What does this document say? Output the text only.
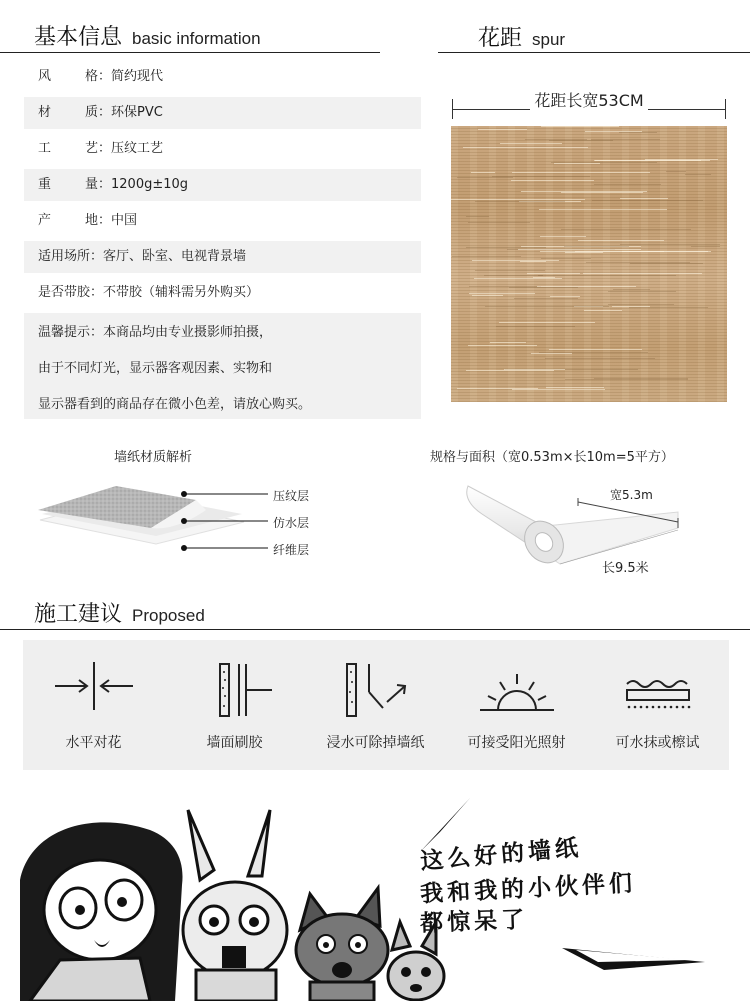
基本信息 basic information	花距 spur
风	格 ：简约现代
材	质 ：环保PVC
工	艺 ：压纹工艺
重	量 ：1200g±10g
产	地 ：中国
适用场所：客厅、卧室、电视背景墙
是否带胶：不带胶（辅料需另外购买）
温馨提示：本商品均由专业摄影师拍摄，
由于不同灯光，显示器客观因素、实物和
显示器看到的商品存在微小色差，请放心购买。
花距长宽53CM
墙纸材质解析
压纹层
仿水层
纤维层
规格与面积（宽0.53m×长10m=5平方）
宽5.3m
长9.5米
施工建议 Proposed
水平对花	墙面刷胶	浸水可除掉墙纸	可接受阳光照射	可水抹或檫试
这么好的墙纸
我和我的小伙伴们
都惊呆了
